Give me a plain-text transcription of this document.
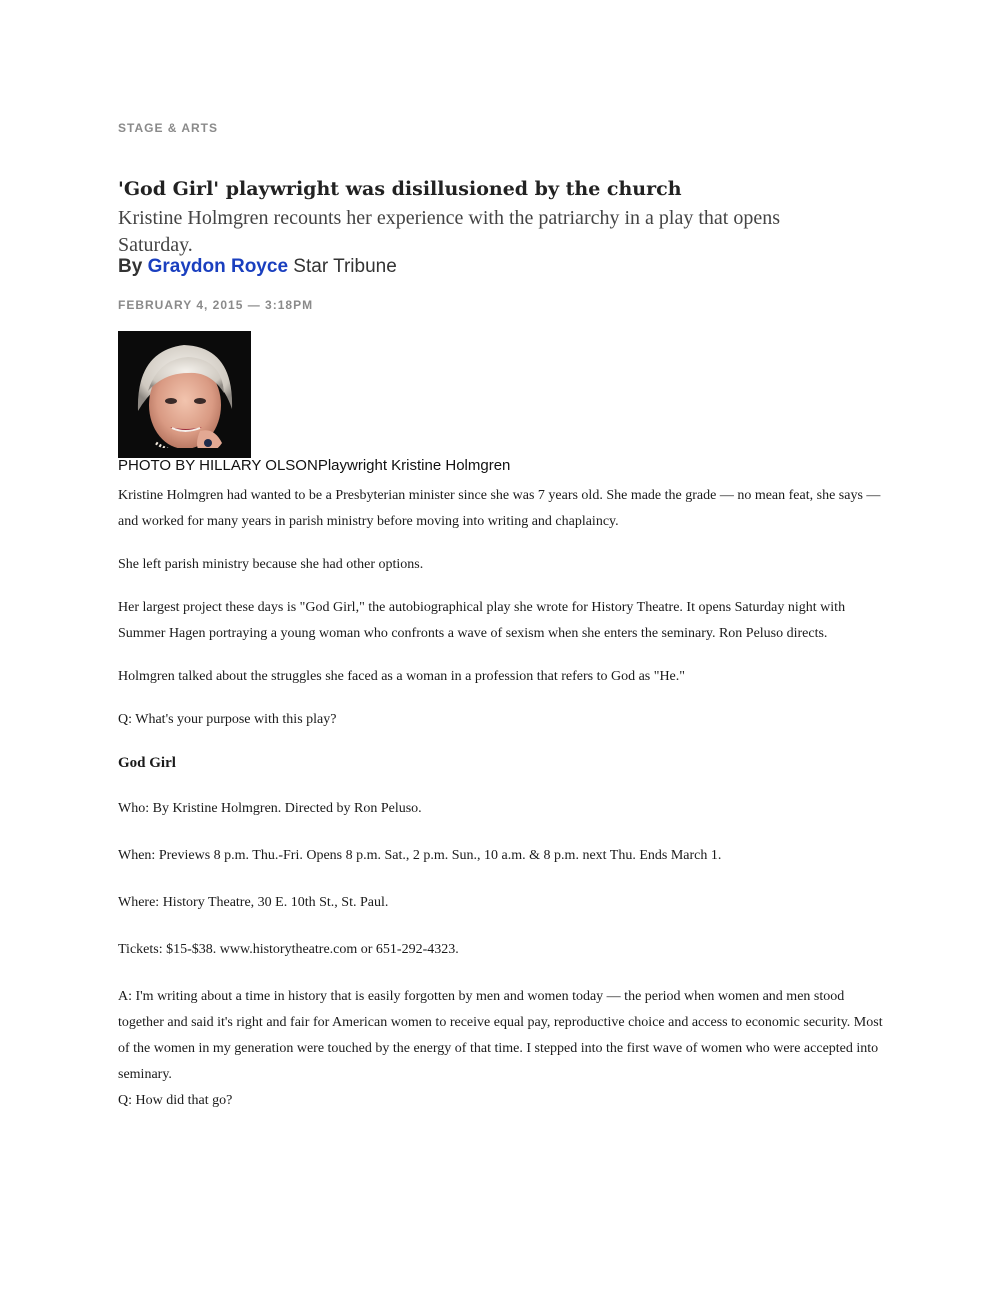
STAGE & ARTS
'God Girl' playwright was disillusioned by the church
Kristine Holmgren recounts her experience with the patriarchy in a play that opens Saturday.
By Graydon Royce Star Tribune
FEBRUARY 4, 2015 — 3:18PM
PHOTO BY HILLARY OLSONPlaywright Kristine Holmgren

Kristine Holmgren had wanted to be a Presbyterian minister since she was 7 years old. She made the grade — no mean feat, she says — and worked for many years in parish ministry before moving into writing and chaplaincy.

She left parish ministry because she had other options.

Her largest project these days is "God Girl," the autobiographical play she wrote for History Theatre. It opens Saturday night with Summer Hagen portraying a young woman who confronts a wave of sexism when she enters the seminary. Ron Peluso directs.

Holmgren talked about the struggles she faced as a woman in a profession that refers to God as "He."

Q: What's your purpose with this play?

God Girl

Who: By Kristine Holmgren. Directed by Ron Peluso.

When: Previews 8 p.m. Thu.-Fri. Opens 8 p.m. Sat., 2 p.m. Sun., 10 a.m. & 8 p.m. next Thu. Ends March 1.

Where: History Theatre, 30 E. 10th St., St. Paul.

Tickets: $15-$38. www.historytheatre.com or 651-292-4323.

A: I'm writing about a time in history that is easily forgotten by men and women today — the period when women and men stood together and said it's right and fair for American women to receive equal pay, reproductive choice and access to economic security. Most of the women in my generation were touched by the energy of that time. I stepped into the first wave of women who were accepted into seminary.

Q: How did that go?
